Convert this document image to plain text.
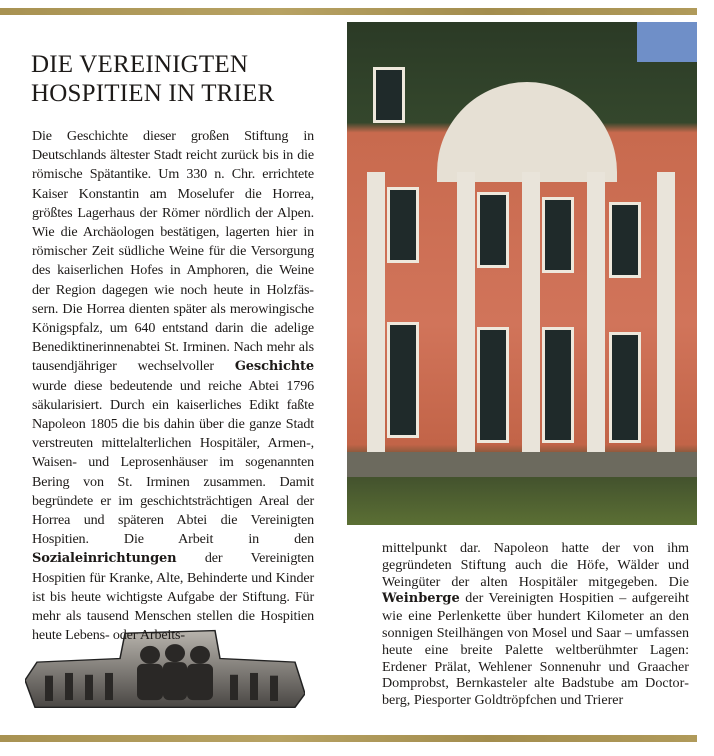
DIE VEREINIGTEN
HOSPITIEN IN TRIER

Die Geschichte dieser großen Stiftung in Deutschlands ältester Stadt reicht zurück bis in die römische Spätantike. Um 330 n. Chr. errichtete Kaiser Konstantin am Moselufer die Horrea, größtes Lagerhaus der Römer nördlich der Alpen. Wie die Archäologen bestätigen, lagerten hier in römischer Zeit südliche Weine für die Versorgung des kaiserlichen Hofes in Amphoren, die Weine der Region dagegen wie noch heute in Holzfässern. Die Horrea dienten später als merowingische Königspfalz, um 640 entstand darin die adelige Benediktinerinnenabtei St. Irminen. Nach mehr als tausendjähriger wechselvoller Geschichte wurde diese bedeutende und reiche Abtei 1796 säkularisiert. Durch ein kaiserliches Edikt faßte Napoleon 1805 die bis dahin über die ganze Stadt verstreuten mittelalterlichen Hospitäler, Armen-, Waisen- und Leprosenhäuser im sogenannten Bering von St. Irminen zusammen. Damit begründete er im geschichtsträchtigen Areal der Horrea und späteren Abtei die Vereinigten Hospitien. Die Arbeit in den Sozialeinrichtungen der Vereinigten Hospitien für Kranke, Alte, Behinderte und Kinder ist bis heute wichtigste Aufgabe der Stiftung. Für mehr als tausend Menschen stellen die Hospitien heute Lebens- oder Arbeits-

mittelpunkt dar. Napoleon hatte der von ihm gegründeten Stiftung auch die Höfe, Wälder und Weingüter der alten Hospitäler mitgegeben. Die Weinberge der Vereinigten Hospitien – aufgereiht wie eine Perlenkette über hundert Kilometer an den sonnigen Steilhängen von Mosel und Saar – umfassen heute eine breite Palette weltberühmter Lagen: Erdener Prälat, Wehlener Sonnenuhr und Graacher Domprobst, Bernkasteler alte Badstube am Doctorberg, Piesporter Goldtröpfchen und Trierer
